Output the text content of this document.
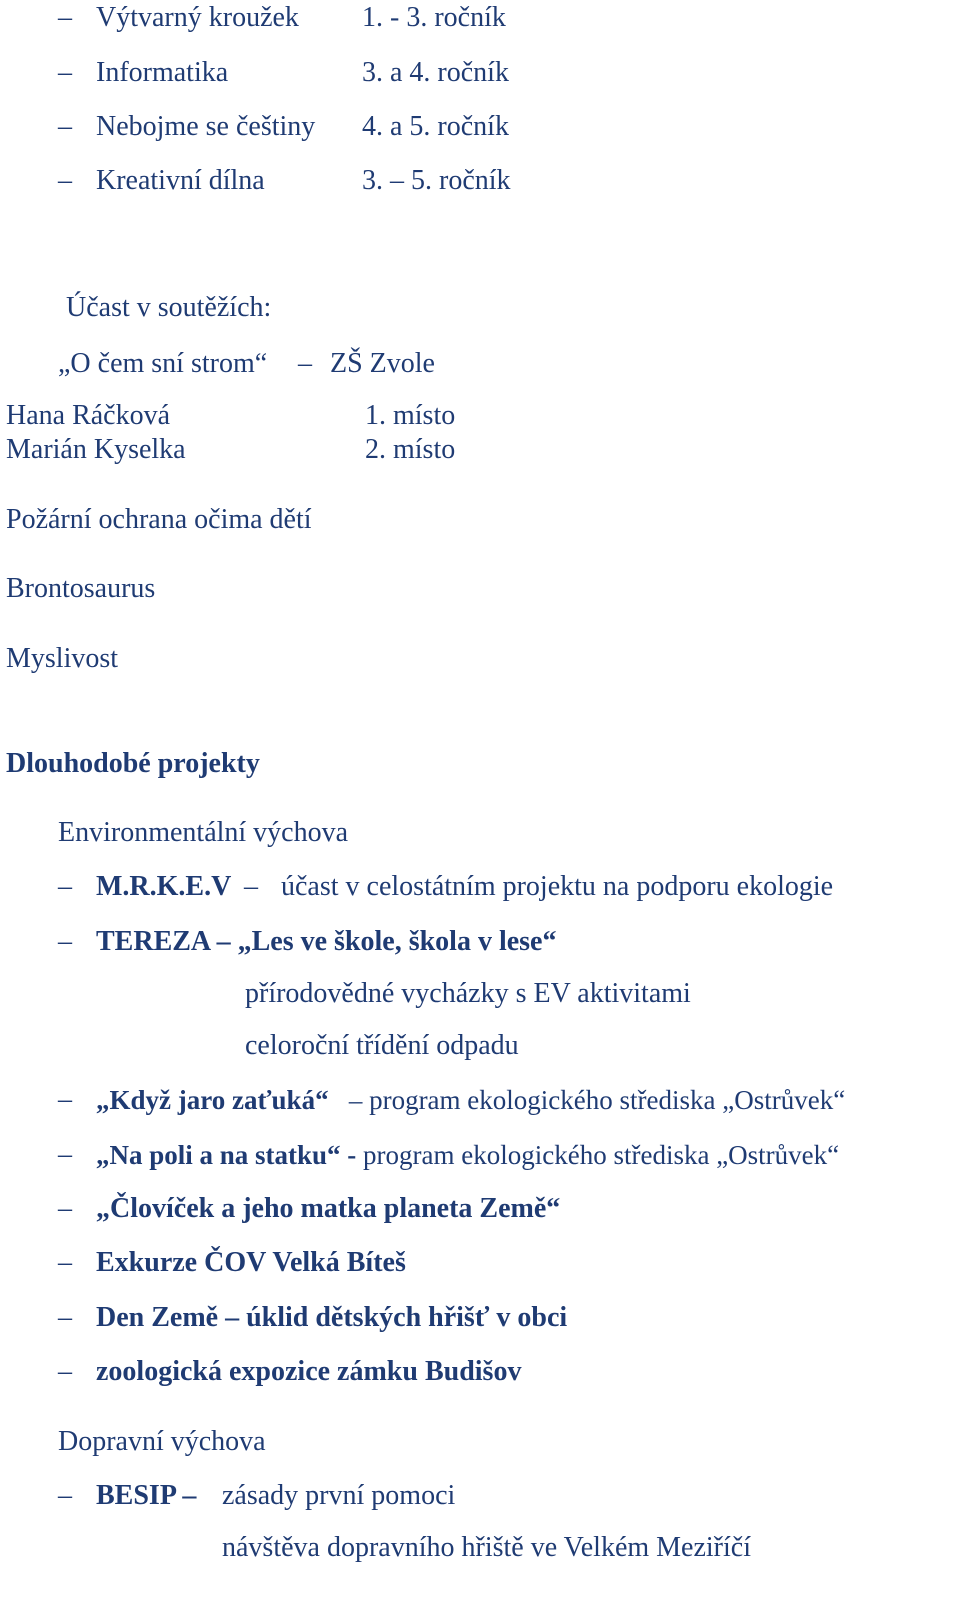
– Výtvarný kroužek 1. - 3. ročník
– Informatika	3. a 4. ročník
– Nebojme se češtiny 4. a 5. ročník
– Kreativní dílna	3. – 5. ročník
Účast v soutěžích:
„O čem sní strom“ – ZŠ Zvole
Hana Ráčková	1. místo
Marián Kyselka	2. místo
Požární ochrana očima dětí
Brontosaurus
Myslivost
Dlouhodobé projekty
Environmentální výchova
– M.R.K.E.V – účast v celostátním projektu na podporu ekologie
– TEREZA – „Les ve škole, škola v lese“
přírodovědné vycházky s EV aktivitami
celoroční třídění odpadu
– „Když jaro zaťuká“ – program ekologického střediska „Ostrůvek“
– „Na poli a na statku“ - program ekologického střediska „Ostrůvek“
– „Človíček a jeho matka planeta Země“
– Exkurze ČOV Velká Bíteš
– Den Země – úklid dětských hřišť v obci
– zoologická expozice zámku Budišov
Dopravní výchova
– BESIP – zásady první pomoci
návštěva dopravního hřiště ve Velkém Meziříčí
